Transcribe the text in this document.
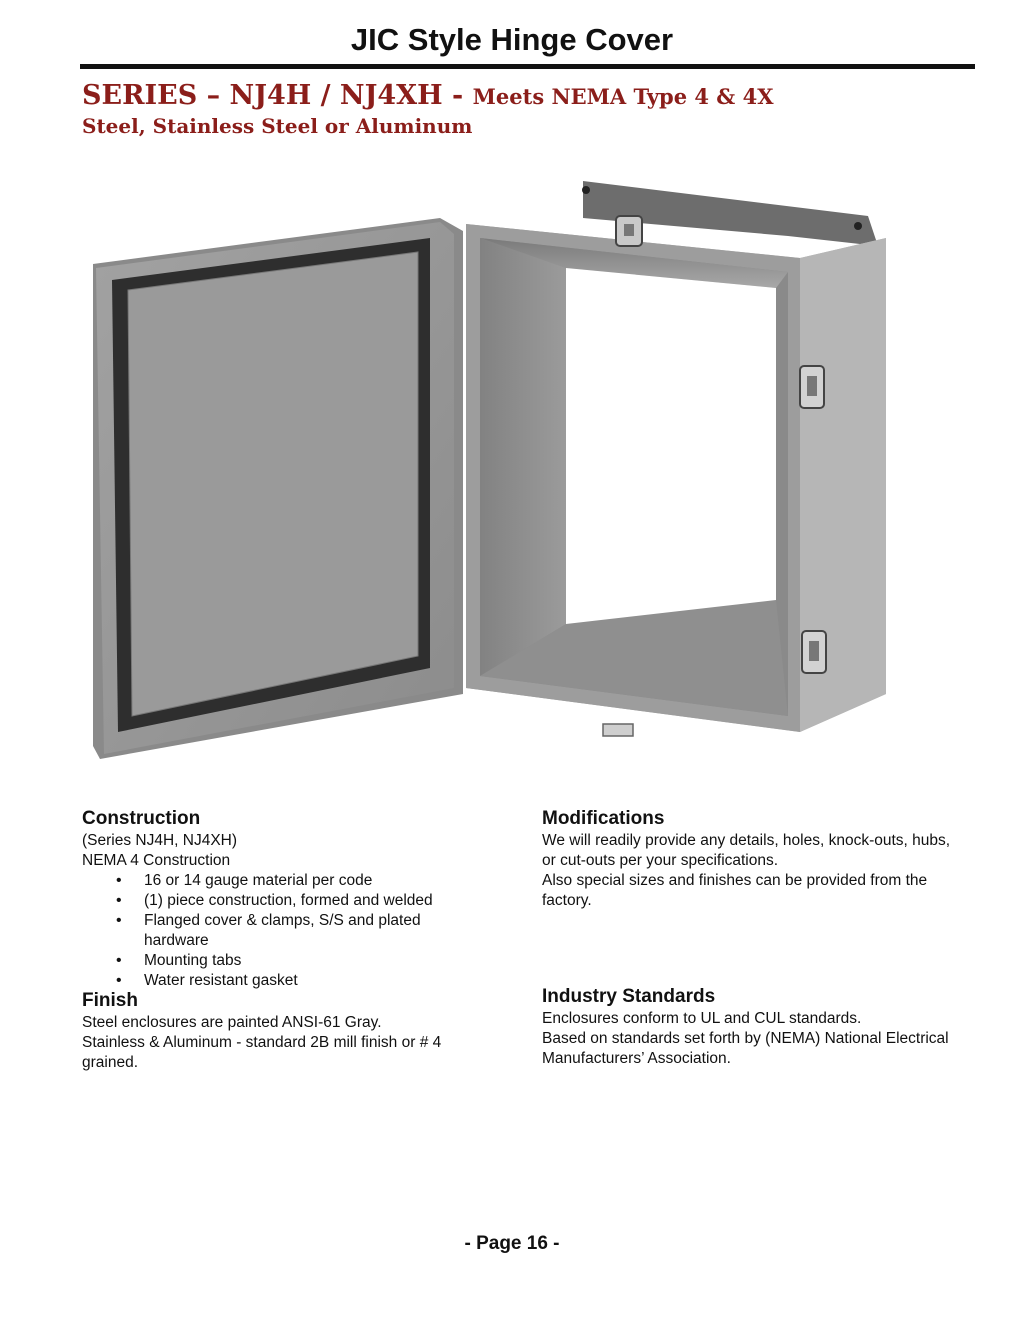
JIC Style Hinge Cover
SERIES – NJ4H / NJ4XH - Meets NEMA Type 4 & 4X
Steel, Stainless Steel or Aluminum
Construction
(Series NJ4H, NJ4XH)
NEMA 4 Construction
• 16 or 14 gauge material per code
• (1) piece construction, formed and welded
• Flanged cover & clamps, S/S and plated hardware
• Mounting tabs
• Water resistant gasket
Finish
Steel enclosures are painted ANSI-61 Gray.
Stainless & Aluminum - standard 2B mill finish or # 4 grained.
Modifications
We will readily provide any details, holes, knock-outs, hubs, or cut-outs per your specifications.
Also special sizes and finishes can be provided from the factory.
Industry Standards
Enclosures conform to UL and CUL standards.
Based on standards set forth by (NEMA) National Electrical Manufacturers’ Association.
- Page 16 -
